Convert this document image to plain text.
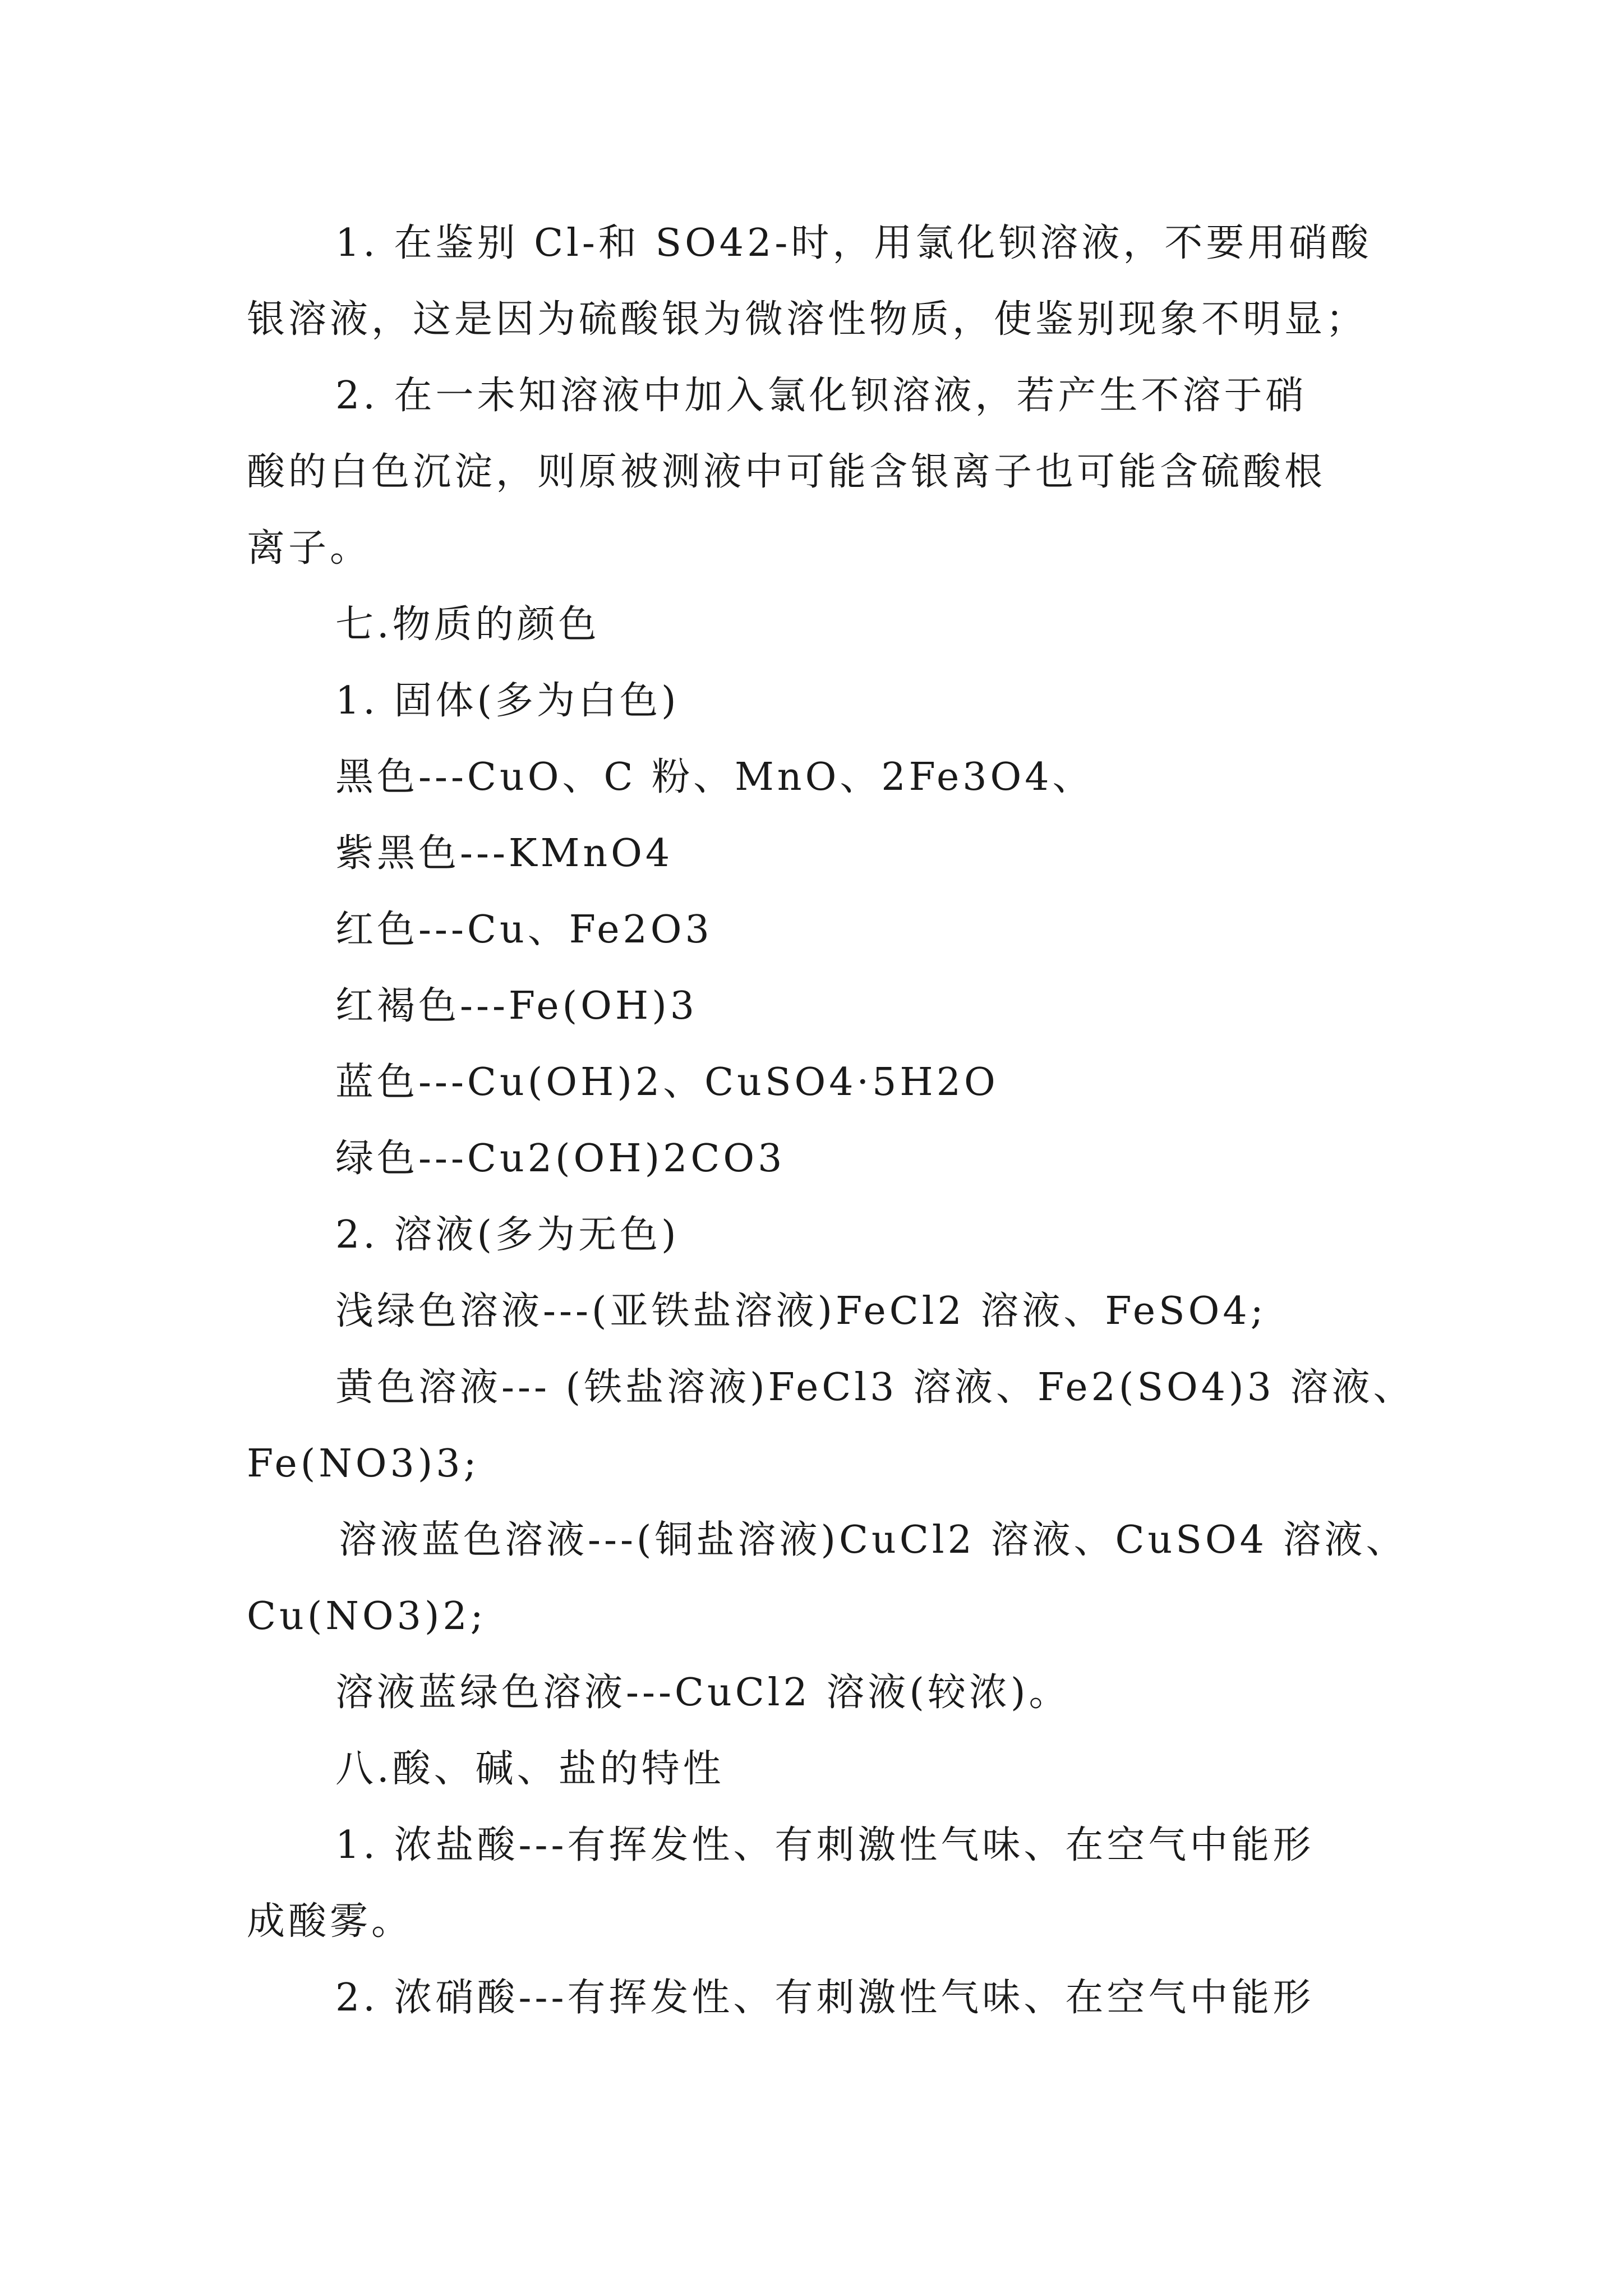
1. 在鉴别 Cl-和 SO42-时，用氯化钡溶液，不要用硝酸

银溶液，这是因为硫酸银为微溶性物质，使鉴别现象不明显；

2. 在一未知溶液中加入氯化钡溶液，若产生不溶于硝

酸的白色沉淀，则原被测液中可能含银离子也可能含硫酸根

离子。

七.物质的颜色

1. 固体(多为白色)

黑色---CuO、C 粉、MnO、2Fe3O4、

紫黑色---KMnO4

红色---Cu、Fe2O3

红褐色---Fe(OH)3

蓝色---Cu(OH)2、CuSO4·5H2O

绿色---Cu2(OH)2CO3

2. 溶液(多为无色)

浅绿色溶液---(亚铁盐溶液)FeCl2 溶液、FeSO4;

黄色溶液--- (铁盐溶液)FeCl3 溶液、Fe2(SO4)3 溶液、

Fe(NO3)3;

溶液蓝色溶液---(铜盐溶液)CuCl2 溶液、CuSO4 溶液、

Cu(NO3)2;

溶液蓝绿色溶液---CuCl2 溶液(较浓)。

八.酸、碱、盐的特性

1. 浓盐酸---有挥发性、有刺激性气味、在空气中能形

成酸雾。

2. 浓硝酸---有挥发性、有刺激性气味、在空气中能形
